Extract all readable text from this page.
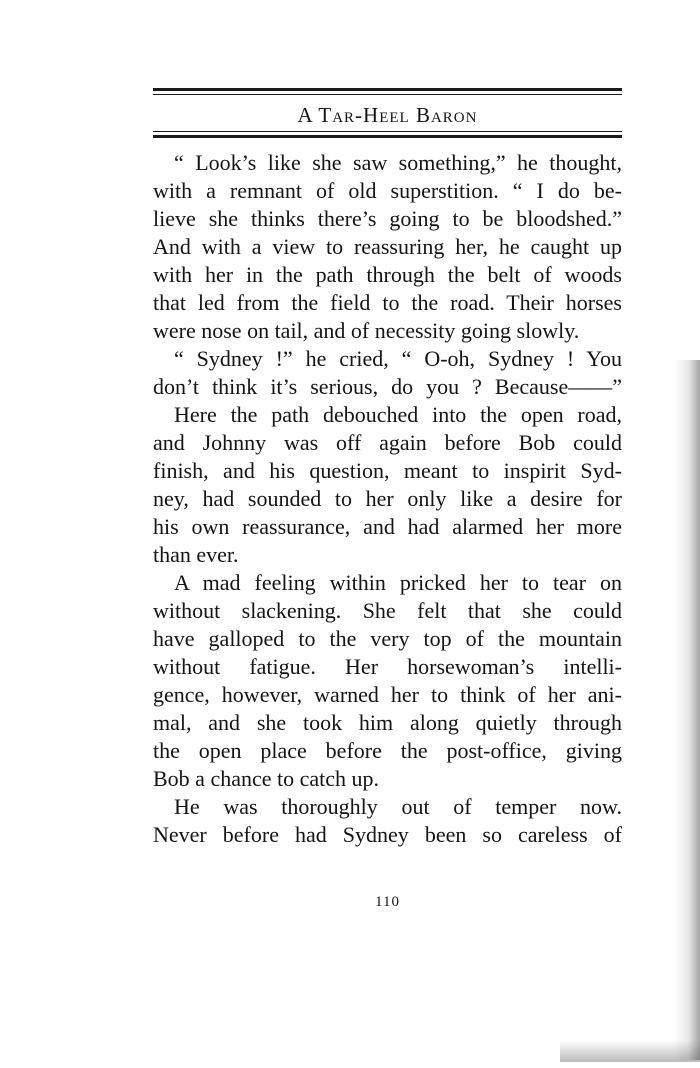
A Tar-Heel Baron
“ Look’s like she saw something,” he thought,
with a remnant of old superstition. “ I do be-
lieve she thinks there’s going to be bloodshed.”
And with a view to reassuring her, he caught up
with her in the path through the belt of woods
that led from the field to the road. Their horses
were nose on tail, and of necessity going slowly.
“ Sydney !” he cried, “ O-oh, Sydney ! You
don’t think it’s serious, do you ? Because——”
Here the path debouched into the open road,
and Johnny was off again before Bob could
finish, and his question, meant to inspirit Syd-
ney, had sounded to her only like a desire for
his own reassurance, and had alarmed her more
than ever.
A mad feeling within pricked her to tear on
without slackening. She felt that she could
have galloped to the very top of the mountain
without fatigue. Her horsewoman’s intelli-
gence, however, warned her to think of her ani-
mal, and she took him along quietly through
the open place before the post-office, giving
Bob a chance to catch up.
He was thoroughly out of temper now.
Never before had Sydney been so careless of
110
